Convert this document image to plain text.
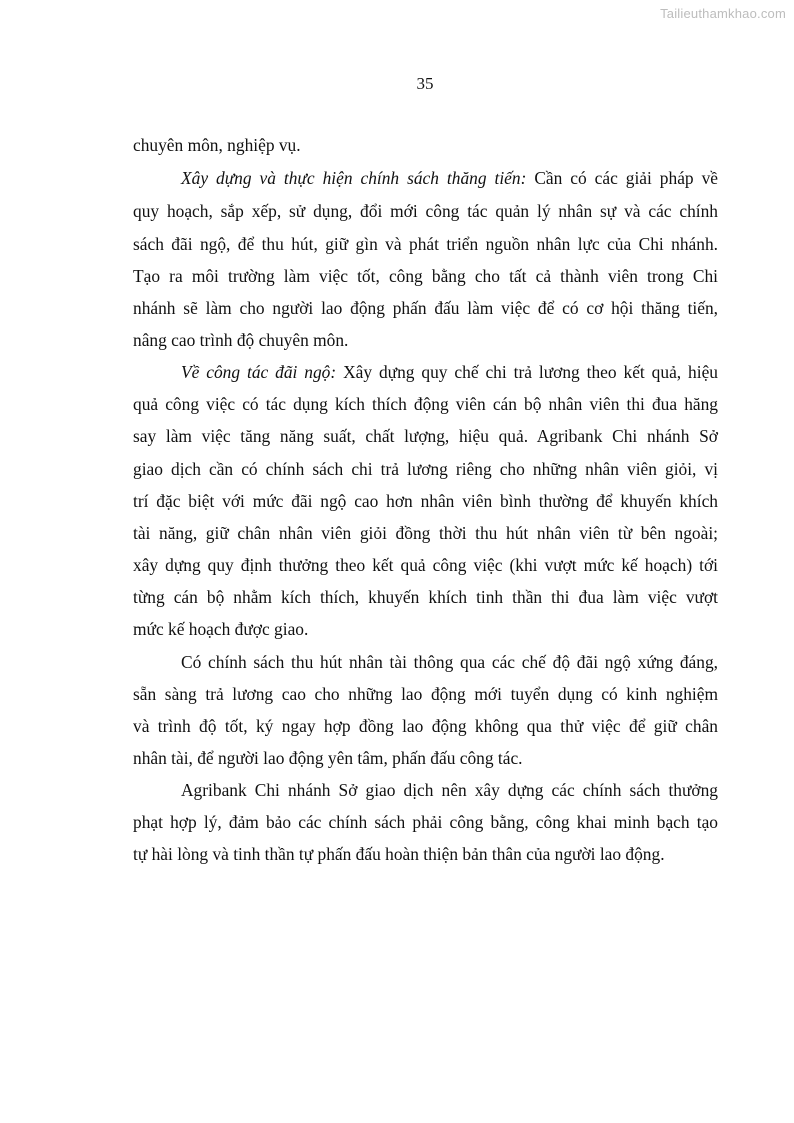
Tailieuthamkhao.com
35
chuyên môn, nghiệp vụ.
Xây dựng và thực hiện chính sách thăng tiến: Cần có các giải pháp về
quy hoạch, sắp xếp, sử dụng, đổi mới công tác quản lý nhân sự và các chính
sách đãi ngộ, để thu hút, giữ gìn và phát triển nguồn nhân lực của Chi nhánh.
Tạo ra môi trường làm việc tốt, công bằng cho tất cả thành viên trong Chi
nhánh sẽ làm cho người lao động phấn đấu làm việc để có cơ hội thăng tiến,
nâng cao trình độ chuyên môn.
Về công tác đãi ngộ: Xây dựng quy chế chi trả lương theo kết quả, hiệu
quả công việc có tác dụng kích thích động viên cán bộ nhân viên thi đua hăng
say làm việc tăng năng suất, chất lượng, hiệu quả. Agribank Chi nhánh Sở
giao dịch cần có chính sách chi trả lương riêng cho những nhân viên giỏi, vị
trí đặc biệt với mức đãi ngộ cao hơn nhân viên bình thường để khuyến khích
tài năng, giữ chân nhân viên giỏi đồng thời thu hút nhân viên từ bên ngoài;
xây dựng quy định thưởng theo kết quả công việc (khi vượt mức kế hoạch) tới
từng cán bộ nhằm kích thích, khuyến khích tinh thần thi đua làm việc vượt
mức kế hoạch được giao.
Có chính sách thu hút nhân tài thông qua các chế độ đãi ngộ xứng đáng,
sẵn sàng trả lương cao cho những lao động mới tuyển dụng có kinh nghiệm
và trình độ tốt, ký ngay hợp đồng lao động không qua thử việc để giữ chân
nhân tài, để người lao động yên tâm, phấn đấu công tác.
Agribank Chi nhánh Sở giao dịch nên xây dựng các chính sách thưởng
phạt hợp lý, đảm bảo các chính sách phải công bằng, công khai minh bạch tạo
tự hài lòng và tinh thần tự phấn đấu hoàn thiện bản thân của người lao động.
